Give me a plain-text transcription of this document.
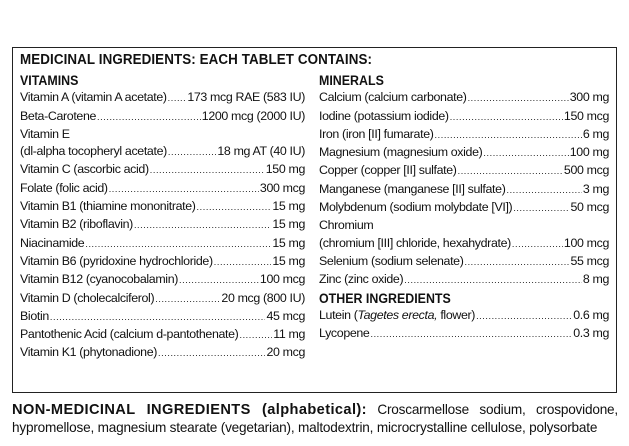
MEDICINAL INGREDIENTS: EACH TABLET CONTAINS:
VITAMINS
Vitamin A (vitamin A acetate) ..... 173 mcg RAE (583 IU)
Beta-Carotene .....	1200 mcg (2000 IU)
Vitamin E
(dl-alpha tocopheryl acetate) .....	18 mg AT (40 IU)
Vitamin C (ascorbic acid) .....	150 mg
Folate (folic acid) .....	300 mcg
Vitamin B1 (thiamine mononitrate) .....	15 mg
Vitamin B2 (riboflavin) .....	15 mg
Niacinamide .....	15 mg
Vitamin B6 (pyridoxine hydrochloride) .....	15 mg
Vitamin B12 (cyanocobalamin) .....	100 mcg
Vitamin D (cholecalciferol) .....	20 mcg (800 IU)
Biotin .....	45 mcg
Pantothenic Acid (calcium d-pantothenate) .....	11 mg
Vitamin K1 (phytonadione) .....	20 mcg
MINERALS
Calcium (calcium carbonate) .....	300 mg
Iodine (potassium iodide) .....	150 mcg
Iron (iron [II] fumarate) .....	6 mg
Magnesium (magnesium oxide) .....	100 mg
Copper (copper [II] sulfate) .....	500 mcg
Manganese (manganese [II] sulfate) .....	3 mg
Molybdenum (sodium molybdate [VI]) .....	50 mcg
Chromium
(chromium [III] chloride, hexahydrate) .....	100 mcg
Selenium (sodium selenate) .....	55 mcg
Zinc (zinc oxide) .....	8 mg
OTHER INGREDIENTS
Lutein (Tagetes erecta, flower) .....	0.6 mg
Lycopene .....	0.3 mg
NON-MEDICINAL INGREDIENTS (alphabetical): Croscarmellose sodium, crospovidone,
hypromellose, magnesium stearate (vegetarian), maltodextrin, microcrystalline cellulose, polysorbate
